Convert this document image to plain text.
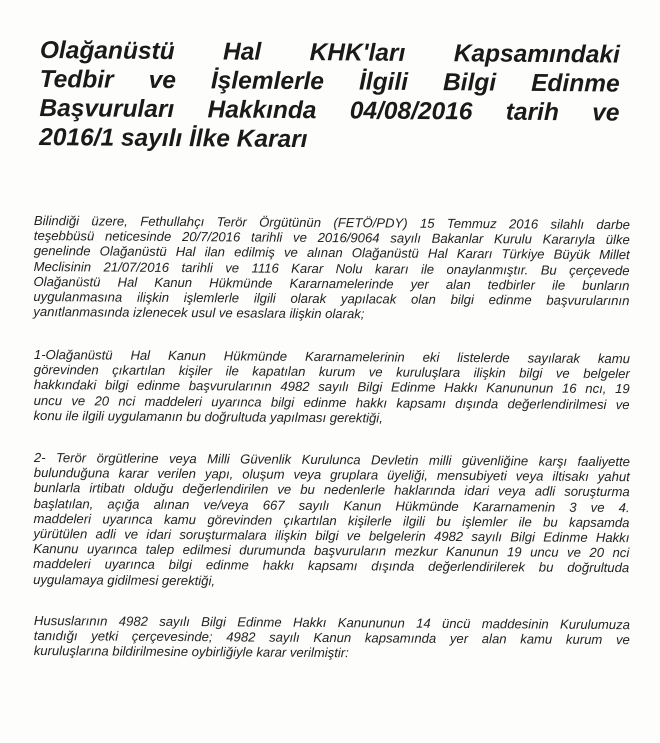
Olağanüstü Hal KHK'ları Kapsamındaki
Tedbir ve İşlemlerle İlgili Bilgi Edinme
Başvuruları Hakkında 04/08/2016 tarih ve
2016/1 sayılı İlke Kararı
Bilindiği üzere, Fethullahçı Terör Örgütünün (FETÖ/PDY) 15 Temmuz 2016 silahlı darbe
teşebbüsü neticesinde 20/7/2016 tarihli ve 2016/9064 sayılı Bakanlar Kurulu Kararıyla ülke
genelinde Olağanüstü Hal ilan edilmiş ve alınan Olağanüstü Hal Kararı Türkiye Büyük Millet
Meclisinin 21/07/2016 tarihli ve 1116 Karar Nolu kararı ile onaylanmıştır. Bu çerçevede
Olağanüstü Hal Kanun Hükmünde Kararnamelerinde yer alan tedbirler ile bunların
uygulanmasına ilişkin işlemlerle ilgili olarak yapılacak olan bilgi edinme başvurularının
yanıtlanmasında izlenecek usul ve esaslara ilişkin olarak;
1-Olağanüstü Hal Kanun Hükmünde Kararnamelerinin eki listelerde sayılarak kamu
görevinden çıkartılan kişiler ile kapatılan kurum ve kuruluşlara ilişkin bilgi ve belgeler
hakkındaki bilgi edinme başvurularının 4982 sayılı Bilgi Edinme Hakkı Kanununun 16 ncı, 19
uncu ve 20 nci maddeleri uyarınca bilgi edinme hakkı kapsamı dışında değerlendirilmesi ve
konu ile ilgili uygulamanın bu doğrultuda yapılması gerektiği,
2- Terör örgütlerine veya Milli Güvenlik Kurulunca Devletin milli güvenliğine karşı faaliyette
bulunduğuna karar verilen yapı, oluşum veya gruplara üyeliği, mensubiyeti veya iltisakı yahut
bunlarla irtibatı olduğu değerlendirilen ve bu nedenlerle haklarında idari veya adli soruşturma
başlatılan, açığa alınan ve/veya 667 sayılı Kanun Hükmünde Kararnamenin 3 ve 4.
maddeleri uyarınca kamu görevinden çıkartılan kişilerle ilgili bu işlemler ile bu kapsamda
yürütülen adli ve idari soruşturmalara ilişkin bilgi ve belgelerin 4982 sayılı Bilgi Edinme Hakkı
Kanunu uyarınca talep edilmesi durumunda başvuruların mezkur Kanunun 19 uncu ve 20 nci
maddeleri uyarınca bilgi edinme hakkı kapsamı dışında değerlendirilerek bu doğrultuda
uygulamaya gidilmesi gerektiği,
Hususlarının 4982 sayılı Bilgi Edinme Hakkı Kanununun 14 üncü maddesinin Kurulumuza
tanıdığı yetki çerçevesinde; 4982 sayılı Kanun kapsamında yer alan kamu kurum ve
kuruluşlarına bildirilmesine oybirliğiyle karar verilmiştir:
